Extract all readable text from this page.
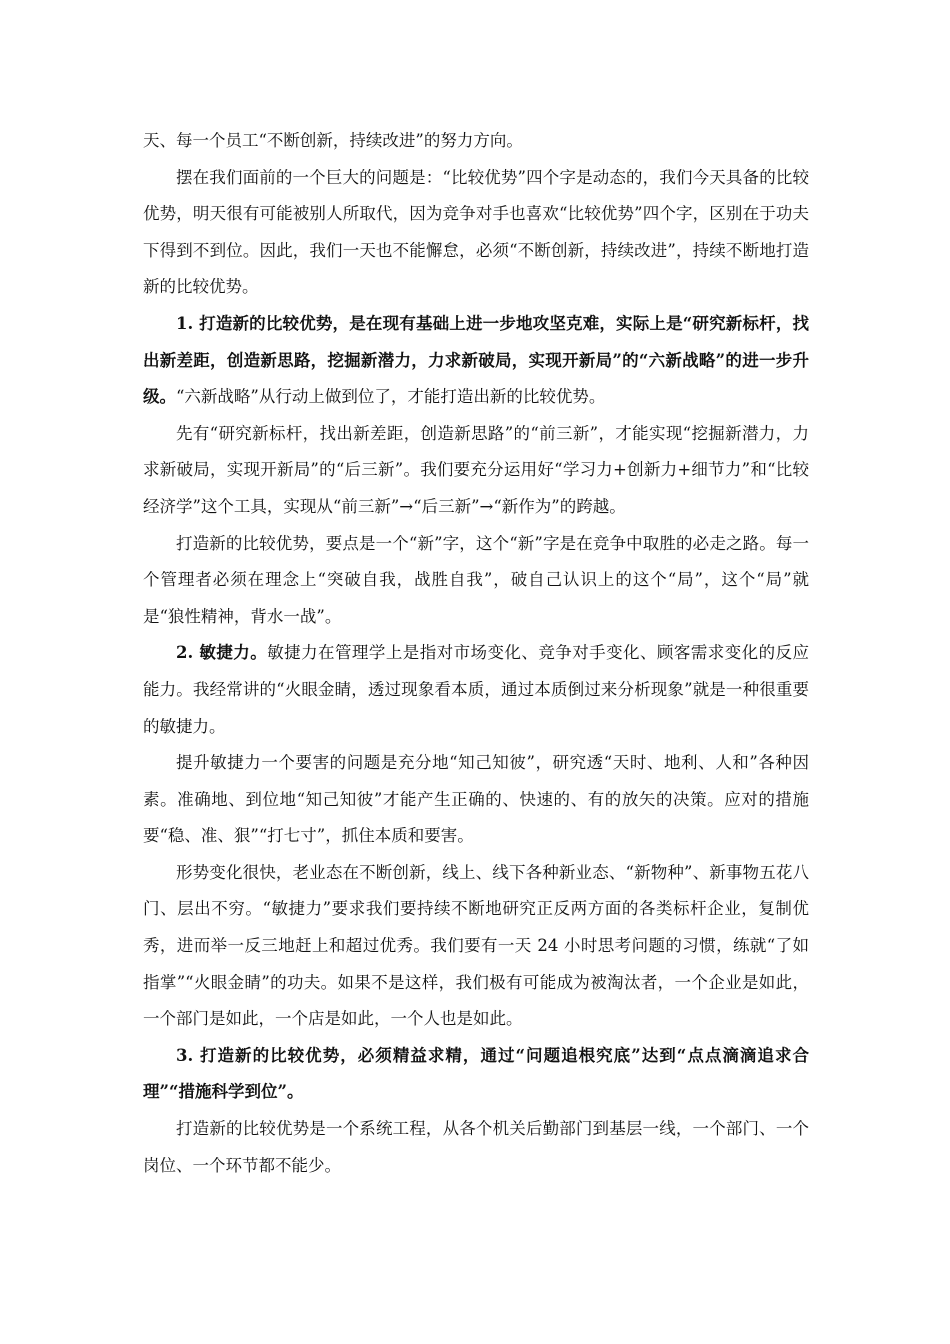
天、每一个员工“不断创新，持续改进”的努力方向。

摆在我们面前的一个巨大的问题是：“比较优势”四个字是动态的，我们今天具备的比较优势，明天很有可能被别人所取代，因为竞争对手也喜欢“比较优势”四个字，区别在于功夫下得到不到位。因此，我们一天也不能懈怠，必须“不断创新，持续改进”，持续不断地打造新的比较优势。

1. 打造新的比较优势，是在现有基础上进一步地攻坚克难，实际上是“研究新标杆，找出新差距，创造新思路，挖掘新潜力，力求新破局，实现开新局”的“六新战略”的进一步升级。“六新战略”从行动上做到位了，才能打造出新的比较优势。

先有“研究新标杆，找出新差距，创造新思路”的“前三新”，才能实现“挖掘新潜力，力求新破局，实现开新局”的“后三新”。我们要充分运用好“学习力+创新力+细节力”和“比较经济学”这个工具，实现从“前三新”→“后三新”→“新作为”的跨越。

打造新的比较优势，要点是一个“新”字，这个“新”字是在竞争中取胜的必走之路。每一个管理者必须在理念上“突破自我，战胜自我”，破自己认识上的这个“局”，这个“局”就是“狼性精神，背水一战”。

2. 敏捷力。敏捷力在管理学上是指对市场变化、竞争对手变化、顾客需求变化的反应能力。我经常讲的“火眼金睛，透过现象看本质，通过本质倒过来分析现象”就是一种很重要的敏捷力。

提升敏捷力一个要害的问题是充分地“知己知彼”，研究透“天时、地利、人和”各种因素。准确地、到位地“知己知彼”才能产生正确的、快速的、有的放矢的决策。应对的措施要“稳、准、狠”“打七寸”，抓住本质和要害。

形势变化很快，老业态在不断创新，线上、线下各种新业态、“新物种”、新事物五花八门、层出不穷。“敏捷力”要求我们要持续不断地研究正反两方面的各类标杆企业，复制优秀，进而举一反三地赶上和超过优秀。我们要有一天 24 小时思考问题的习惯，练就“了如指掌”“火眼金睛”的功夫。如果不是这样，我们极有可能成为被淘汰者，一个企业是如此，一个部门是如此，一个店是如此，一个人也是如此。

3. 打造新的比较优势，必须精益求精，通过“问题追根究底”达到“点点滴滴追求合理”“措施科学到位”。

打造新的比较优势是一个系统工程，从各个机关后勤部门到基层一线，一个部门、一个岗位、一个环节都不能少。
